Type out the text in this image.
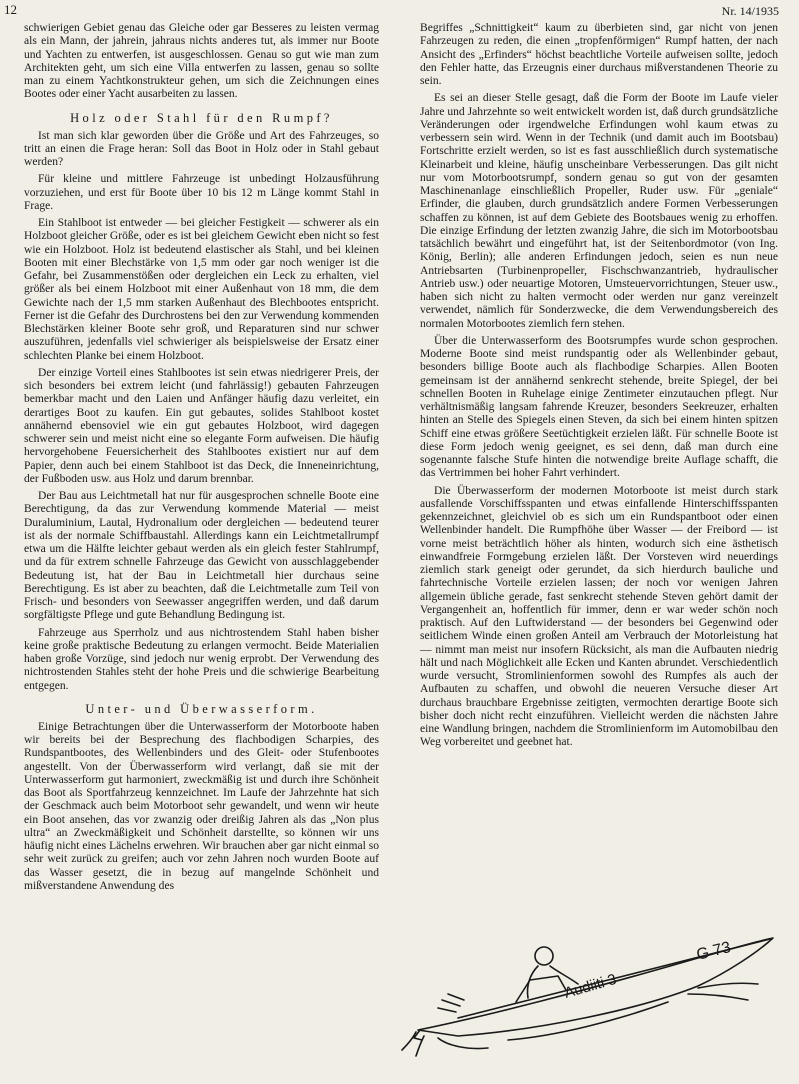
12	Nr. 14/1935

schwierigen Gebiet genau das Gleiche oder gar Besseres zu leisten vermag als ein Mann, der jahrein, jahraus nichts anderes tut, als immer nur Boote und Yachten zu entwerfen, ist ausgeschlossen. Genau so gut wie man zum Architekten geht, um sich eine Villa entwerfen zu lassen, genau so sollte man zu einem Yachtkonstrukteur gehen, um sich die Zeichnungen eines Bootes oder einer Yacht ausarbeiten zu lassen.

Holz oder Stahl für den Rumpf?

Ist man sich klar geworden über die Größe und Art des Fahrzeuges, so tritt an einen die Frage heran: Soll das Boot in Holz oder in Stahl gebaut werden?

Für kleine und mittlere Fahrzeuge ist unbedingt Holzausführung vorzuziehen, und erst für Boote über 10 bis 12 m Länge kommt Stahl in Frage.

Ein Stahlboot ist entweder — bei gleicher Festigkeit — schwerer als ein Holzboot gleicher Größe, oder es ist bei gleichem Gewicht eben nicht so fest wie ein Holzboot. Holz ist bedeutend elastischer als Stahl, und bei kleinen Booten mit einer Blechstärke von 1,5 mm oder gar noch weniger ist die Gefahr, bei Zusammenstößen oder dergleichen ein Leck zu erhalten, viel größer als bei einem Holzboot mit einer Außenhaut von 18 mm, die dem Gewichte nach der 1,5 mm starken Außenhaut des Blechbootes entspricht. Ferner ist die Gefahr des Durchrostens bei den zur Verwendung kommenden Blechstärken kleiner Boote sehr groß, und Reparaturen sind nur schwer auszuführen, jedenfalls viel schwieriger als beispielsweise der Ersatz einer schlechten Planke bei einem Holzboot.

Der einzige Vorteil eines Stahlbootes ist sein etwas niedrigerer Preis, der sich besonders bei extrem leicht (und fahrlässig!) gebauten Fahrzeugen bemerkbar macht und den Laien und Anfänger häufig dazu verleitet, ein derartiges Boot zu kaufen. Ein gut gebautes, solides Stahlboot kostet annähernd ebensoviel wie ein gut gebautes Holzboot, wird dagegen schwerer sein und meist nicht eine so elegante Form aufweisen. Die häufig hervorgehobene Feuersicherheit des Stahlbootes existiert nur auf dem Papier, denn auch bei einem Stahlboot ist das Deck, die Inneneinrichtung, der Fußboden usw. aus Holz und darum brennbar.

Der Bau aus Leichtmetall hat nur für ausgesprochen schnelle Boote eine Berechtigung, da das zur Verwendung kommende Material — meist Duraluminium, Lautal, Hydronalium oder dergleichen — bedeutend teurer ist als der normale Schiffbaustahl. Allerdings kann ein Leichtmetallrumpf etwa um die Hälfte leichter gebaut werden als ein gleich fester Stahlrumpf, und da für extrem schnelle Fahrzeuge das Gewicht von ausschlaggebender Bedeutung ist, hat der Bau in Leichtmetall hier durchaus seine Berechtigung. Es ist aber zu beachten, daß die Leichtmetalle zum Teil von Frisch- und besonders von Seewasser angegriffen werden, und daß darum sorgfältigste Pflege und gute Behandlung Bedingung ist.

Fahrzeuge aus Sperrholz und aus nichtrostendem Stahl haben bisher keine große praktische Bedeutung zu erlangen vermocht. Beide Materialien haben große Vorzüge, sind jedoch nur wenig erprobt. Der Verwendung des nichtrostenden Stahles steht der hohe Preis und die schwierige Bearbeitung entgegen.

Unter- und Überwasserform.

Einige Betrachtungen über die Unterwasserform der Motorboote haben wir bereits bei der Besprechung des flachbodigen Scharpies, des Rundspantbootes, des Wellenbinders und des Gleit- oder Stufenbootes angestellt. Von der Überwasserform wird verlangt, daß sie mit der Unterwasserform gut harmoniert, zweckmäßig ist und durch ihre Schönheit das Boot als Sportfahrzeug kennzeichnet. Im Laufe der Jahrzehnte hat sich der Geschmack auch beim Motorboot sehr gewandelt, und wenn wir heute ein Boot ansehen, das vor zwanzig oder dreißig Jahren als das „Non plus ultra“ an Zweckmäßigkeit und Schönheit darstellte, so können wir uns häufig nicht eines Lächelns erwehren. Wir brauchen aber gar nicht einmal so sehr weit zurück zu greifen; auch vor zehn Jahren noch wurden Boote auf das Wasser gesetzt, die in bezug auf mangelnde Schönheit und mißverstandene Anwendung des

Begriffes „Schnittigkeit“ kaum zu überbieten sind, gar nicht von jenen Fahrzeugen zu reden, die einen „tropfenförmigen“ Rumpf hatten, der nach Ansicht des „Erfinders“ höchst beachtliche Vorteile aufweisen sollte, jedoch den Fehler hatte, das Erzeugnis einer durchaus mißverstandenen Theorie zu sein.

Es sei an dieser Stelle gesagt, daß die Form der Boote im Laufe vieler Jahre und Jahrzehnte so weit entwickelt worden ist, daß durch grundsätzliche Veränderungen oder irgendwelche Erfindungen wohl kaum etwas zu verbessern sein wird. Wenn in der Technik (und damit auch im Bootsbau) Fortschritte erzielt werden, so ist es fast ausschließlich durch systematische Kleinarbeit und kleine, häufig unscheinbare Verbesserungen. Das gilt nicht nur vom Motorbootsrumpf, sondern genau so gut von der gesamten Maschinenanlage einschließlich Propeller, Ruder usw. Für „geniale“ Erfinder, die glauben, durch grundsätzlich andere Formen Verbesserungen schaffen zu können, ist auf dem Gebiete des Bootsbaues wenig zu erhoffen. Die einzige Erfindung der letzten zwanzig Jahre, die sich im Motorbootsbau tatsächlich bewährt und eingeführt hat, ist der Seitenbordmotor (von Ing. König, Berlin); alle anderen Erfindungen jedoch, seien es nun neue Antriebsarten (Turbinenpropeller, Fischschwanzantrieb, hydraulischer Antrieb usw.) oder neuartige Motoren, Umsteuervorrichtungen, Steuer usw., haben sich nicht zu halten vermocht oder werden nur ganz vereinzelt verwendet, nämlich für Sonderzwecke, die dem Verwendungsbereich des normalen Motorbootes ziemlich fern stehen.

Über die Unterwasserform des Bootsrumpfes wurde schon gesprochen. Moderne Boote sind meist rundspantig oder als Wellenbinder gebaut, besonders billige Boote auch als flachbodige Scharpies. Allen Booten gemeinsam ist der annähernd senkrecht stehende, breite Spiegel, der bei schnellen Booten in Ruhelage einige Zentimeter einzutauchen pflegt. Nur verhältnismäßig langsam fahrende Kreuzer, besonders Seekreuzer, erhalten hinten an Stelle des Spiegels einen Steven, da sich bei einem hinten spitzen Schiff eine etwas größere Seetüchtigkeit erzielen läßt. Für schnelle Boote ist diese Form jedoch wenig geeignet, es sei denn, daß man durch eine sogenannte falsche Stufe hinten die notwendige breite Auflage schafft, die das Vertrimmen bei hoher Fahrt verhindert.

Die Überwasserform der modernen Motorboote ist meist durch stark ausfallende Vorschiffsspanten und etwas einfallende Hinterschiffsspanten gekennzeichnet, gleichviel ob es sich um ein Rundspantboot oder einen Wellenbinder handelt. Die Rumpfhöhe über Wasser — der Freibord — ist vorne meist beträchtlich höher als hinten, wodurch sich eine ästhetisch einwandfreie Formgebung erzielen läßt. Der Vorsteven wird neuerdings ziemlich stark geneigt oder gerundet, da sich hierdurch bauliche und fahrtechnische Vorteile erzielen lassen; der noch vor wenigen Jahren allgemein übliche gerade, fast senkrecht stehende Steven gehört damit der Vergangenheit an, hoffentlich für immer, denn er war weder schön noch praktisch. Auf den Luftwiderstand — der besonders bei Gegenwind oder seitlichem Winde einen großen Anteil am Verbrauch der Motorleistung hat — nimmt man meist nur insofern Rücksicht, als man die Aufbauten niedrig hält und nach Möglichkeit alle Ecken und Kanten abrundet. Verschiedentlich wurde versucht, Stromlinienformen sowohl des Rumpfes als auch der Aufbauten zu schaffen, und obwohl die neueren Versuche dieser Art durchaus brauchbare Ergebnisse zeitigten, vermochten derartige Boote sich bisher doch nicht recht einzuführen. Vielleicht werden die nächsten Jahre eine Wandlung bringen, nachdem die Stromlinienform im Automobilbau den Weg vorbereitet und geebnet hat.

Audiiti 3
G 73
